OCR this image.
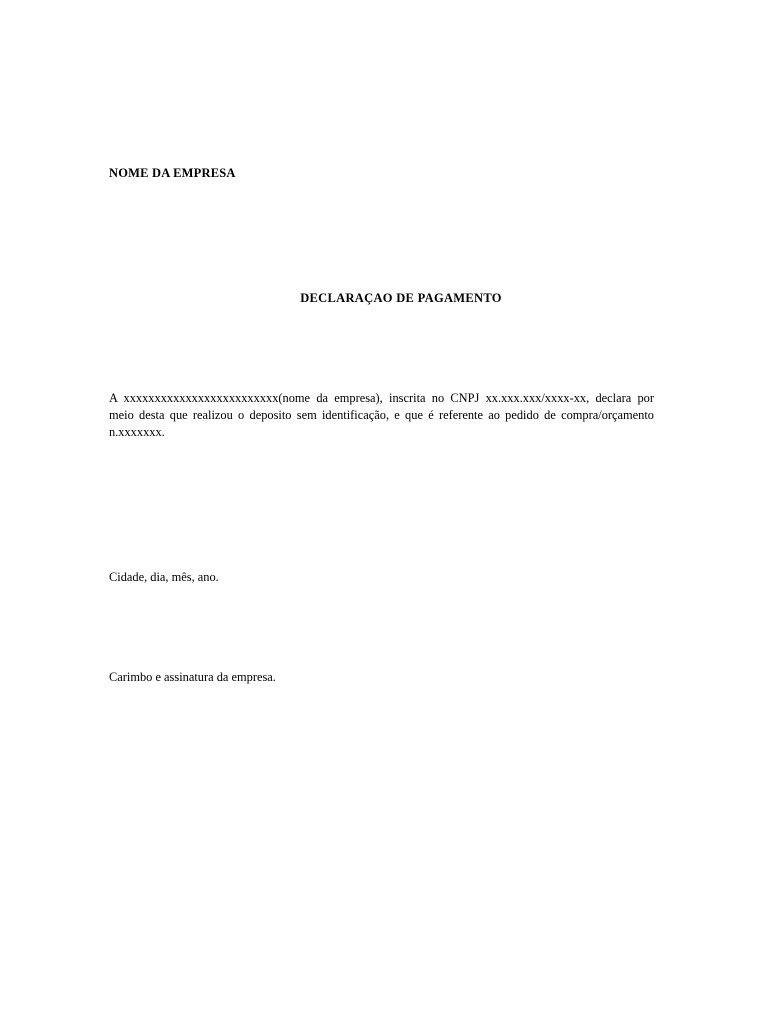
NOME DA EMPRESA

DECLARAÇAO DE PAGAMENTO

A xxxxxxxxxxxxxxxxxxxxxxxxx(nome da empresa), inscrita no CNPJ xx.xxx.xxx/xxxx-xx, declara por
meio desta que realizou o deposito sem identificação, e que é referente ao pedido de compra/orçamento
n.xxxxxxx.

Cidade, dia, mês, ano.

Carimbo e assinatura da empresa.
